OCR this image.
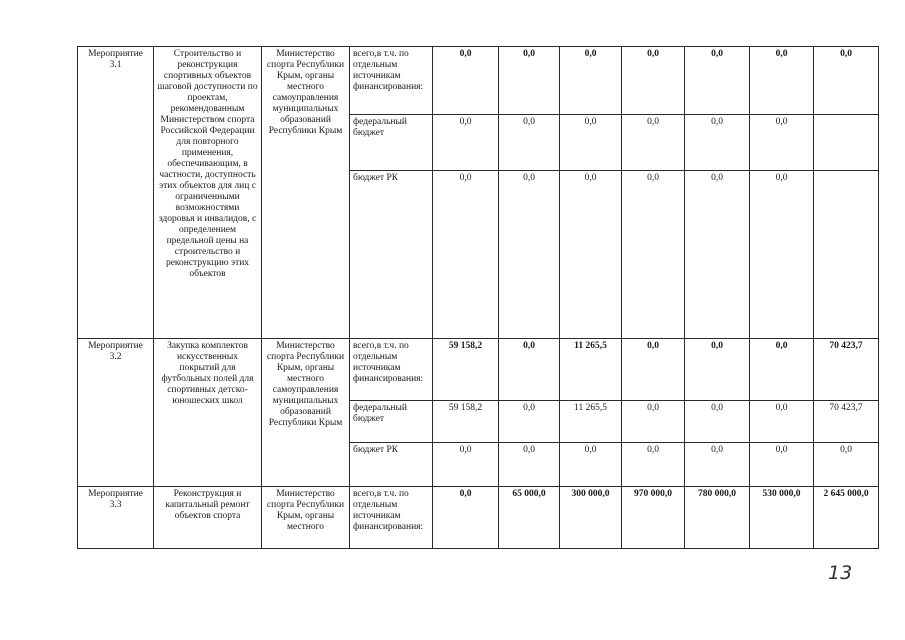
Мероприятие 3.1	Строительство и реконструкция спортивных объектов шаговой доступности по проектам, рекомендованным Министерством спорта Российской Федерации для повторного применения, обеспечивающим, в частности, доступность этих объектов для лиц с ограниченными возможностями здоровья и инвалидов, с определением предельной цены на строительство и реконструкцию этих объектов	Министерство спорта Республики Крым, органы местного самоуправления муниципальных образований Республики Крым	всего,в т.ч. по отдельным источникам финансирования:	0,0	0,0	0,0	0,0	0,0	0,0	0,0
			федеральный бюджет	0,0	0,0	0,0	0,0	0,0	0,0	
			бюджет РК	0,0	0,0	0,0	0,0	0,0	0,0	
Мероприятие 3.2	Закупка комплектов искусственных покрытий для футбольных полей для спортивных детско-юношеских школ	Министерство спорта Республики Крым, органы местного самоуправления муниципальных образований Республики Крым	всего,в т.ч. по отдельным источникам финансирования:	59 158,2	0,0	11 265,5	0,0	0,0	0,0	70 423,7
			федеральный бюджет	59 158,2	0,0	11 265,5	0,0	0,0	0,0	70 423,7
			бюджет РК	0,0	0,0	0,0	0,0	0,0	0,0	0,0
Мероприятие 3.3	Реконструкция и капитальный ремонт объектов спорта	Министерство спорта Республики Крым, органы местного	всего,в т.ч. по отдельным источникам финансирования:	0,0	65 000,0	300 000,0	970 000,0	780 000,0	530 000,0	2 645 000,0
13
